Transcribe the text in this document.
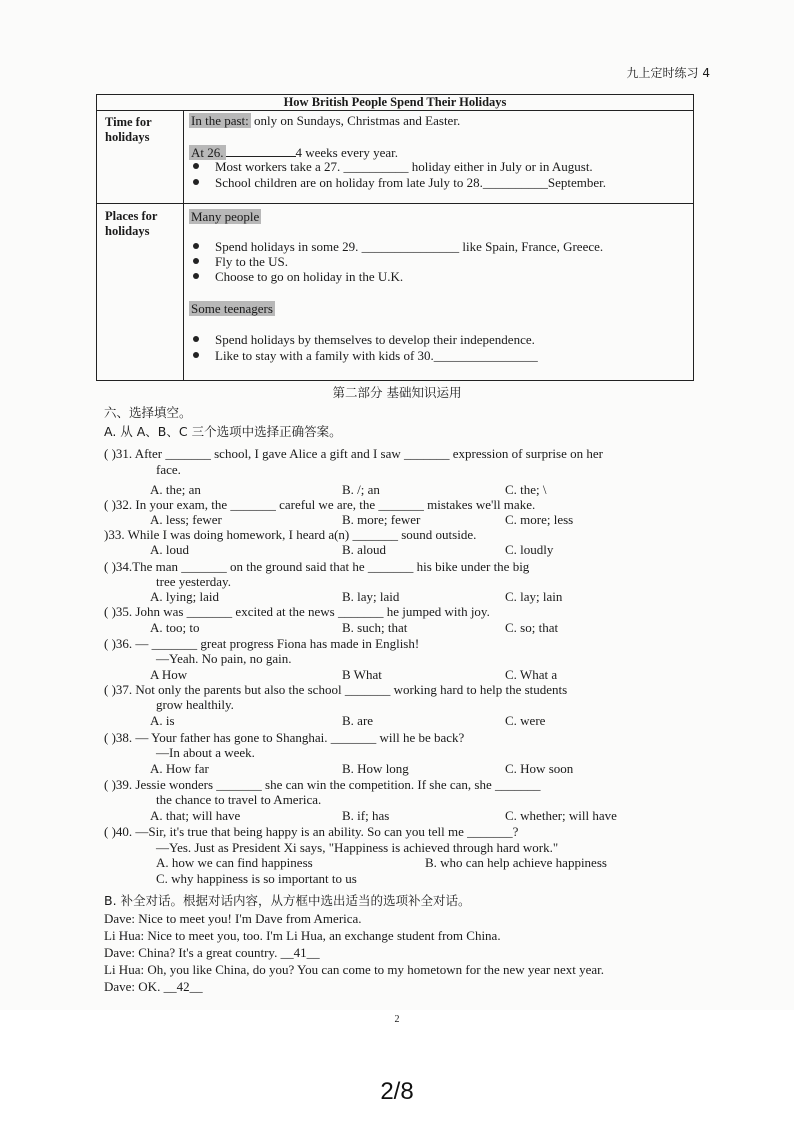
九上定时练习 4
How British People Spend Their Holidays
Time for holidays
In the past: only on Sundays, Christmas and Easter.
At 26.	4 weeks every year.
Most workers take a 27. __________ holiday either in July or in August.
School children are on holiday from late July to 28.__________September.
Places for holidays
Many people
Spend holidays in some 29. _______________ like Spain, France, Greece.
Fly to the US.
Choose to go on holiday in the U.K.
Some teenagers
Spend holidays by themselves to develop their independence.
Like to stay with a family with kids of 30.________________
第二部分 基础知识运用
六、选择填空。
A. 从 A、B、C 三个选项中选择正确答案。
( )31. After _______ school, I gave Alice a gift and I saw _______ expression of surprise on her
face.
A. the; an	B. /; an	C. the; \
( )32. In your exam, the _______ careful we are, the _______ mistakes we'll make.
A. less; fewer	B. more; fewer	C. more; less
)33. While I was doing homework, I heard a(n) _______ sound outside.
A. loud	B. aloud	C. loudly
( )34.The man _______ on the ground said that he _______ his bike under the big
tree yesterday.
A. lying; laid	B. lay; laid	C. lay; lain
( )35. John was _______ excited at the news _______ he jumped with joy.
A. too; to	B. such; that	C. so; that
( )36. — _______ great progress Fiona has made in English!
—Yeah. No pain, no gain.
A How	B What	C. What a
( )37. Not only the parents but also the school _______ working hard to help the students
grow healthily.
A. is	B. are	C. were
( )38. — Your father has gone to Shanghai. _______ will he be back?
—In about a week.
A. How far	B. How long	C. How soon
( )39. Jessie wonders _______ she can win the competition. If she can, she _______
the chance to travel to America.
A. that; will have	B. if; has	C. whether; will have
( )40. —Sir, it's true that being happy is an ability. So can you tell me _______?
—Yes. Just as President Xi says, "Happiness is achieved through hard work."
A. how we can find happiness	B. who can help achieve happiness
C. why happiness is so important to us
B. 补全对话。根据对话内容，从方框中选出适当的选项补全对话。
Dave: Nice to meet you! I'm Dave from America.
Li Hua: Nice to meet you, too. I'm Li Hua, an exchange student from China.
Dave: China? It's a great country. __41__
Li Hua: Oh, you like China, do you? You can come to my hometown for the new year next year.
Dave: OK. __42__
2
2/8
